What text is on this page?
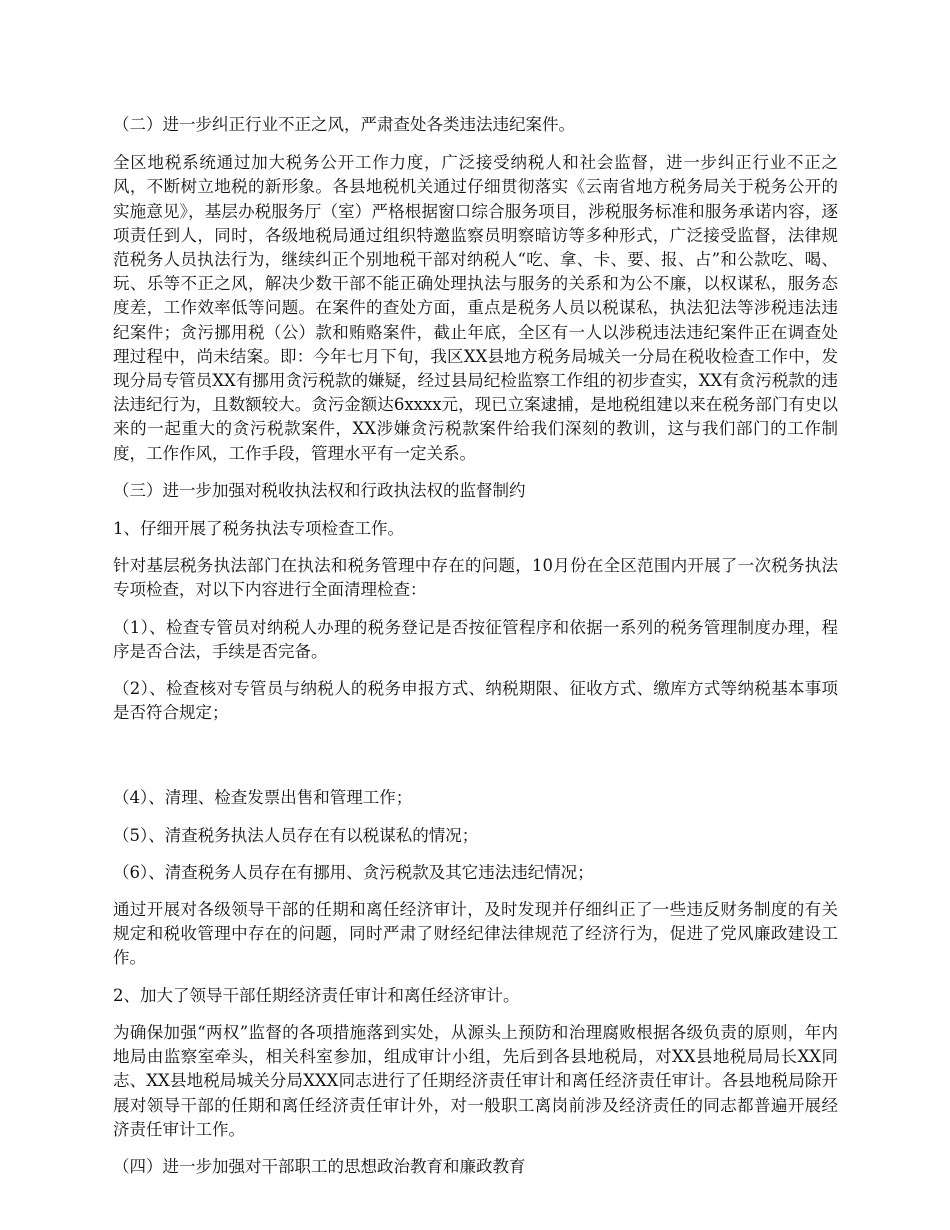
（二）进一步纠正行业不正之风，严肃查处各类违法违纪案件。

全区地税系统通过加大税务公开工作力度，广泛接受纳税人和社会监督，进一步纠正行业不正之风，不断树立地税的新形象。各县地税机关通过仔细贯彻落实《云南省地方税务局关于税务公开的实施意见》，基层办税服务厅（室）严格根据窗口综合服务项目，涉税服务标准和服务承诺内容，逐项责任到人，同时，各级地税局通过组织特邀监察员明察暗访等多种形式，广泛接受监督，法律规范税务人员执法行为，继续纠正个别地税干部对纳税人“吃、拿、卡、要、报、占”和公款吃、喝、玩、乐等不正之风，解决少数干部不能正确处理执法与服务的关系和为公不廉，以权谋私，服务态度差，工作效率低等问题。在案件的查处方面，重点是税务人员以税谋私，执法犯法等涉税违法违纪案件；贪污挪用税（公）款和贿赂案件，截止年底，全区有一人以涉税违法违纪案件正在调查处理过程中，尚未结案。即：今年七月下旬，我区XX县地方税务局城关一分局在税收检查工作中，发现分局专管员XX有挪用贪污税款的嫌疑，经过县局纪检监察工作组的初步查实，XX有贪污税款的违法违纪行为，且数额较大。贪污金额达6xxxx元，现已立案逮捕，是地税组建以来在税务部门有史以来的一起重大的贪污税款案件，XX涉嫌贪污税款案件给我们深刻的教训，这与我们部门的工作制度，工作作风，工作手段，管理水平有一定关系。

（三）进一步加强对税收执法权和行政执法权的监督制约

1、仔细开展了税务执法专项检查工作。

针对基层税务执法部门在执法和税务管理中存在的问题，10月份在全区范围内开展了一次税务执法专项检查，对以下内容进行全面清理检查：

（1）、检查专管员对纳税人办理的税务登记是否按征管程序和依据一系列的税务管理制度办理，程序是否合法，手续是否完备。

（2）、检查核对专管员与纳税人的税务申报方式、纳税期限、征收方式、缴库方式等纳税基本事项是否符合规定；

（4）、清理、检查发票出售和管理工作；

（5）、清查税务执法人员存在有以税谋私的情况；

（6）、清查税务人员存在有挪用、贪污税款及其它违法违纪情况；

通过开展对各级领导干部的任期和离任经济审计，及时发现并仔细纠正了一些违反财务制度的有关规定和税收管理中存在的问题，同时严肃了财经纪律法律规范了经济行为，促进了党风廉政建设工作。

2、加大了领导干部任期经济责任审计和离任经济审计。

为确保加强“两权”监督的各项措施落到实处，从源头上预防和治理腐败根据各级负责的原则，年内地局由监察室牵头，相关科室参加，组成审计小组，先后到各县地税局，对XX县地税局局长XX同志、XX县地税局城关分局XXX同志进行了任期经济责任审计和离任经济责任审计。各县地税局除开展对领导干部的任期和离任经济责任审计外，对一般职工离岗前涉及经济责任的同志都普遍开展经济责任审计工作。

（四）进一步加强对干部职工的思想政治教育和廉政教育
